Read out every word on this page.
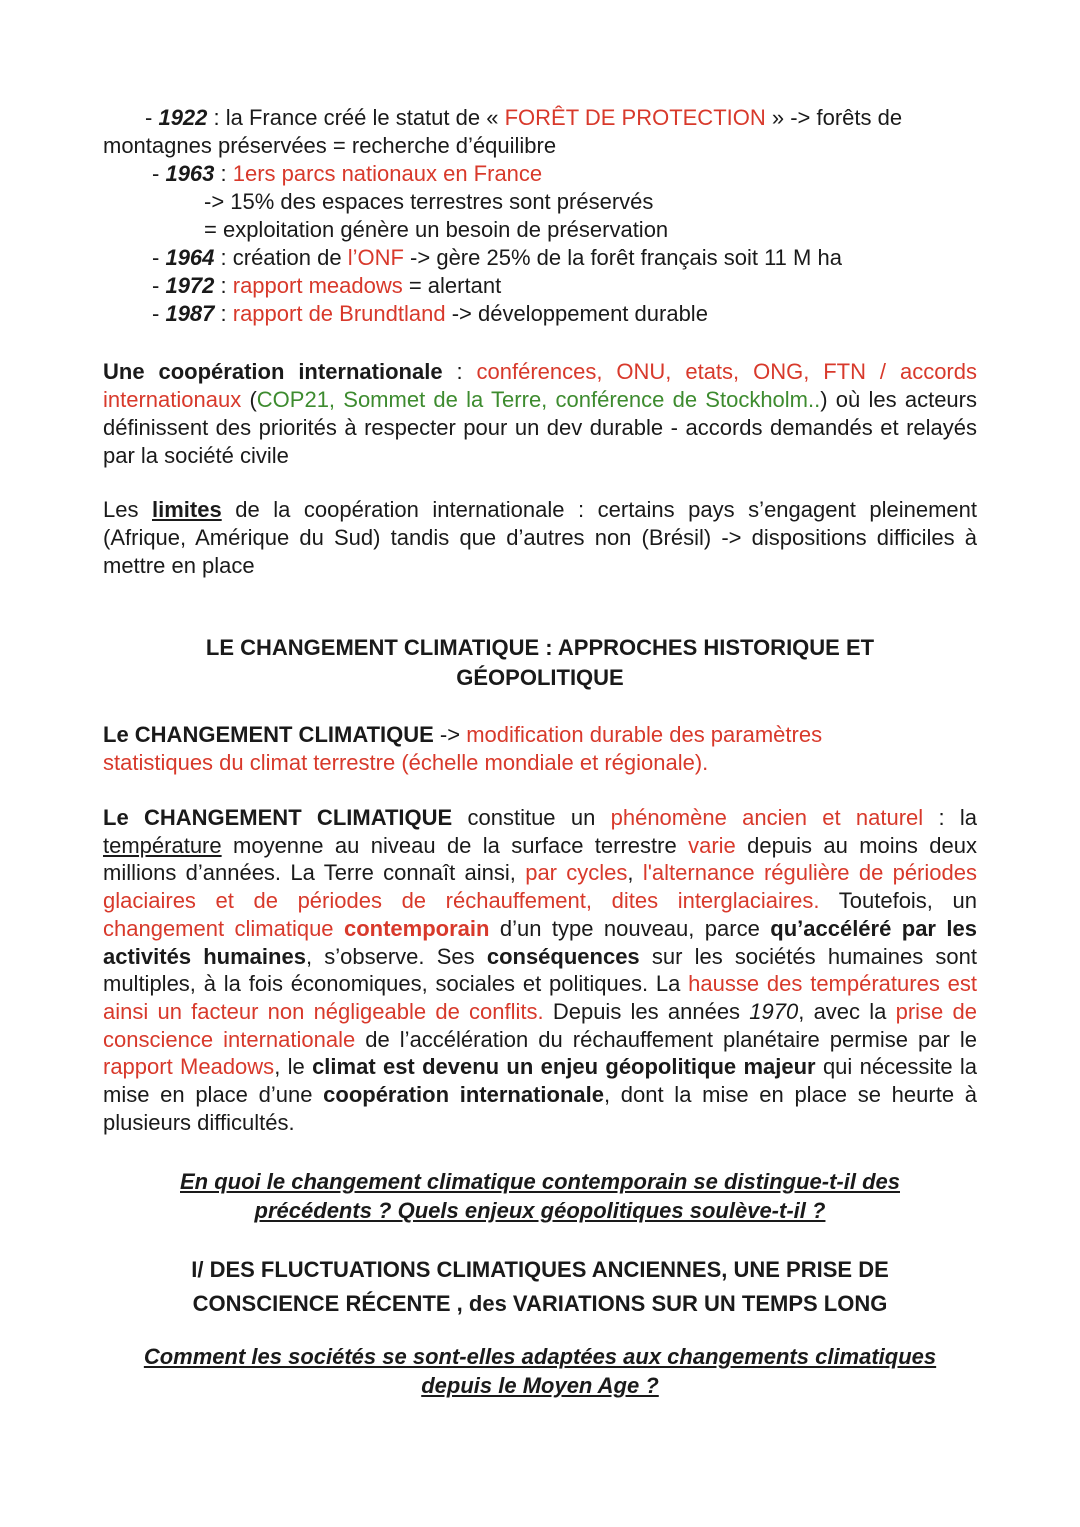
- 1922 : la France créé le statut de « FORÊT DE PROTECTION » -> forêts de

montagnes préservées = recherche d’équilibre

- 1963 : 1ers parcs nationaux en France

-> 15% des espaces terrestres sont préservés

= exploitation génère un besoin de préservation

- 1964 : création de l’ONF -> gère 25% de la forêt français soit 11 M ha

- 1972 : rapport meadows = alertant

- 1987 : rapport de Brundtland -> développement durable

Une coopération internationale : conférences, ONU, etats, ONG, FTN / accords internationaux (COP21, Sommet de la Terre, conférence de Stockholm..) où les acteurs définissent des priorités à respecter pour un dev durable - accords demandés et relayés par la société civile

Les limites de la coopération internationale : certains pays s’engagent pleinement (Afrique, Amérique du Sud) tandis que d’autres non (Brésil) -> dispositions difficiles à mettre en place

LE CHANGEMENT CLIMATIQUE : APPROCHES HISTORIQUE ET

GÉOPOLITIQUE

Le CHANGEMENT CLIMATIQUE -> modification durable des paramètres

statistiques du climat terrestre (échelle mondiale et régionale).

Le CHANGEMENT CLIMATIQUE constitue un phénomène ancien et naturel : la température moyenne au niveau de la surface terrestre varie depuis au moins deux millions d’années. La Terre connaît ainsi, par cycles, l'alternance régulière de périodes glaciaires et de périodes de réchauffement, dites interglaciaires. Toutefois, un changement climatique contemporain d’un type nouveau, parce qu’accéléré par les activités humaines, s’observe. Ses conséquences sur les sociétés humaines sont multiples, à la fois économiques, sociales et politiques. La hausse des températures est ainsi un facteur non négligeable de conflits. Depuis les années 1970, avec la prise de conscience internationale de l’accélération du réchauffement planétaire permise par le rapport Meadows, le climat est devenu un enjeu géopolitique majeur qui nécessite la mise en place d’une coopération internationale, dont la mise en place se heurte à plusieurs difficultés.

En quoi le changement climatique contemporain se distingue-t-il des

précédents ? Quels enjeux géopolitiques soulève-t-il ?

I/ DES FLUCTUATIONS CLIMATIQUES ANCIENNES, UNE PRISE DE

CONSCIENCE RÉCENTE , des VARIATIONS SUR UN TEMPS LONG

Comment les sociétés se sont-elles adaptées aux changements climatiques

depuis le Moyen Age ?
